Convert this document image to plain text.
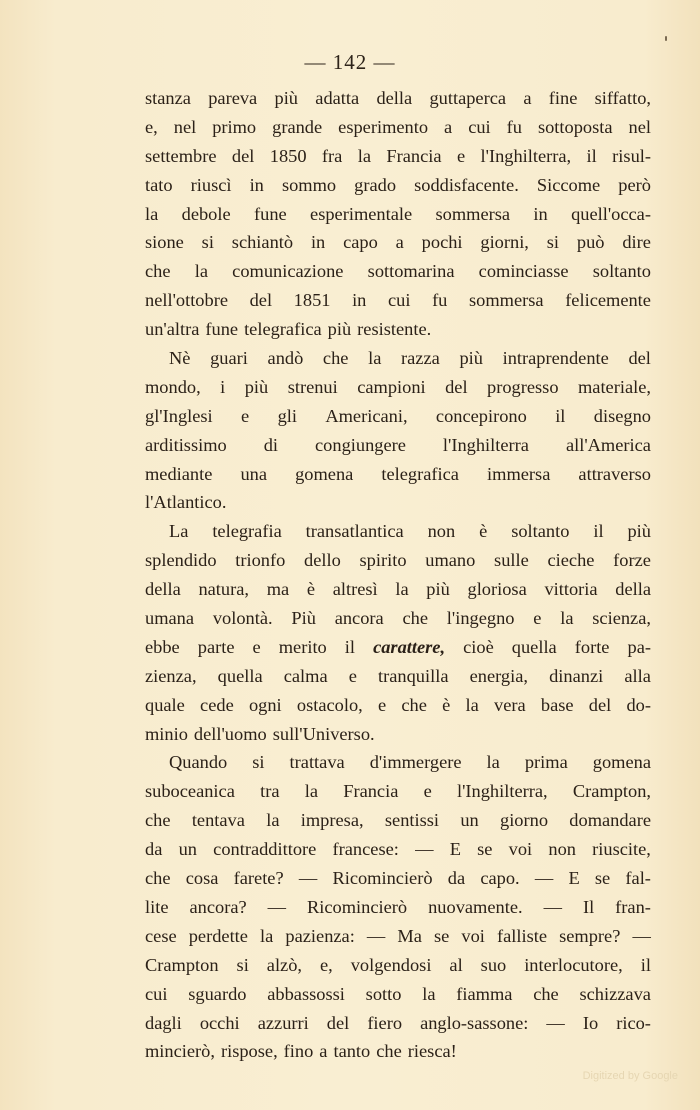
— 142 —
stanza pareva più adatta della guttaperca a fine siffatto,
e, nel primo grande esperimento a cui fu sottoposta nel
settembre del 1850 fra la Francia e l'Inghilterra, il risul-
tato riuscì in sommo grado soddisfacente. Siccome però
la debole fune esperimentale sommersa in quell'occa-
sione si schiantò in capo a pochi giorni, si può dire
che la comunicazione sottomarina cominciasse soltanto
nell'ottobre del 1851 in cui fu sommersa felicemente
un'altra fune telegrafica più resistente.
Nè guari andò che la razza più intraprendente del
mondo, i più strenui campioni del progresso materiale,
gl'Inglesi e gli Americani, concepirono il disegno
arditissimo di congiungere l'Inghilterra all'America
mediante una gomena telegrafica immersa attraverso
l'Atlantico.
La telegrafia transatlantica non è soltanto il più
splendido trionfo dello spirito umano sulle cieche forze
della natura, ma è altresì la più gloriosa vittoria della
umana volontà. Più ancora che l'ingegno e la scienza,
ebbe parte e merito il carattere, cioè quella forte pa-
zienza, quella calma e tranquilla energia, dinanzi alla
quale cede ogni ostacolo, e che è la vera base del do-
minio dell'uomo sull'Universo.
Quando si trattava d'immergere la prima gomena
suboceanica tra la Francia e l'Inghilterra, Crampton,
che tentava la impresa, sentissi un giorno domandare
da un contraddittore francese: — E se voi non riuscite,
che cosa farete? — Ricomincierò da capo. — E se fal-
lite ancora? — Ricomincierò nuovamente. — Il fran-
cese perdette la pazienza: — Ma se voi falliste sempre? —
Crampton si alzò, e, volgendosi al suo interlocutore, il
cui sguardo abbassossi sotto la fiamma che schizzava
dagli occhi azzurri del fiero anglo-sassone: — Io rico-
mincierò, rispose, fino a tanto che riesca!
Digitized by Google
